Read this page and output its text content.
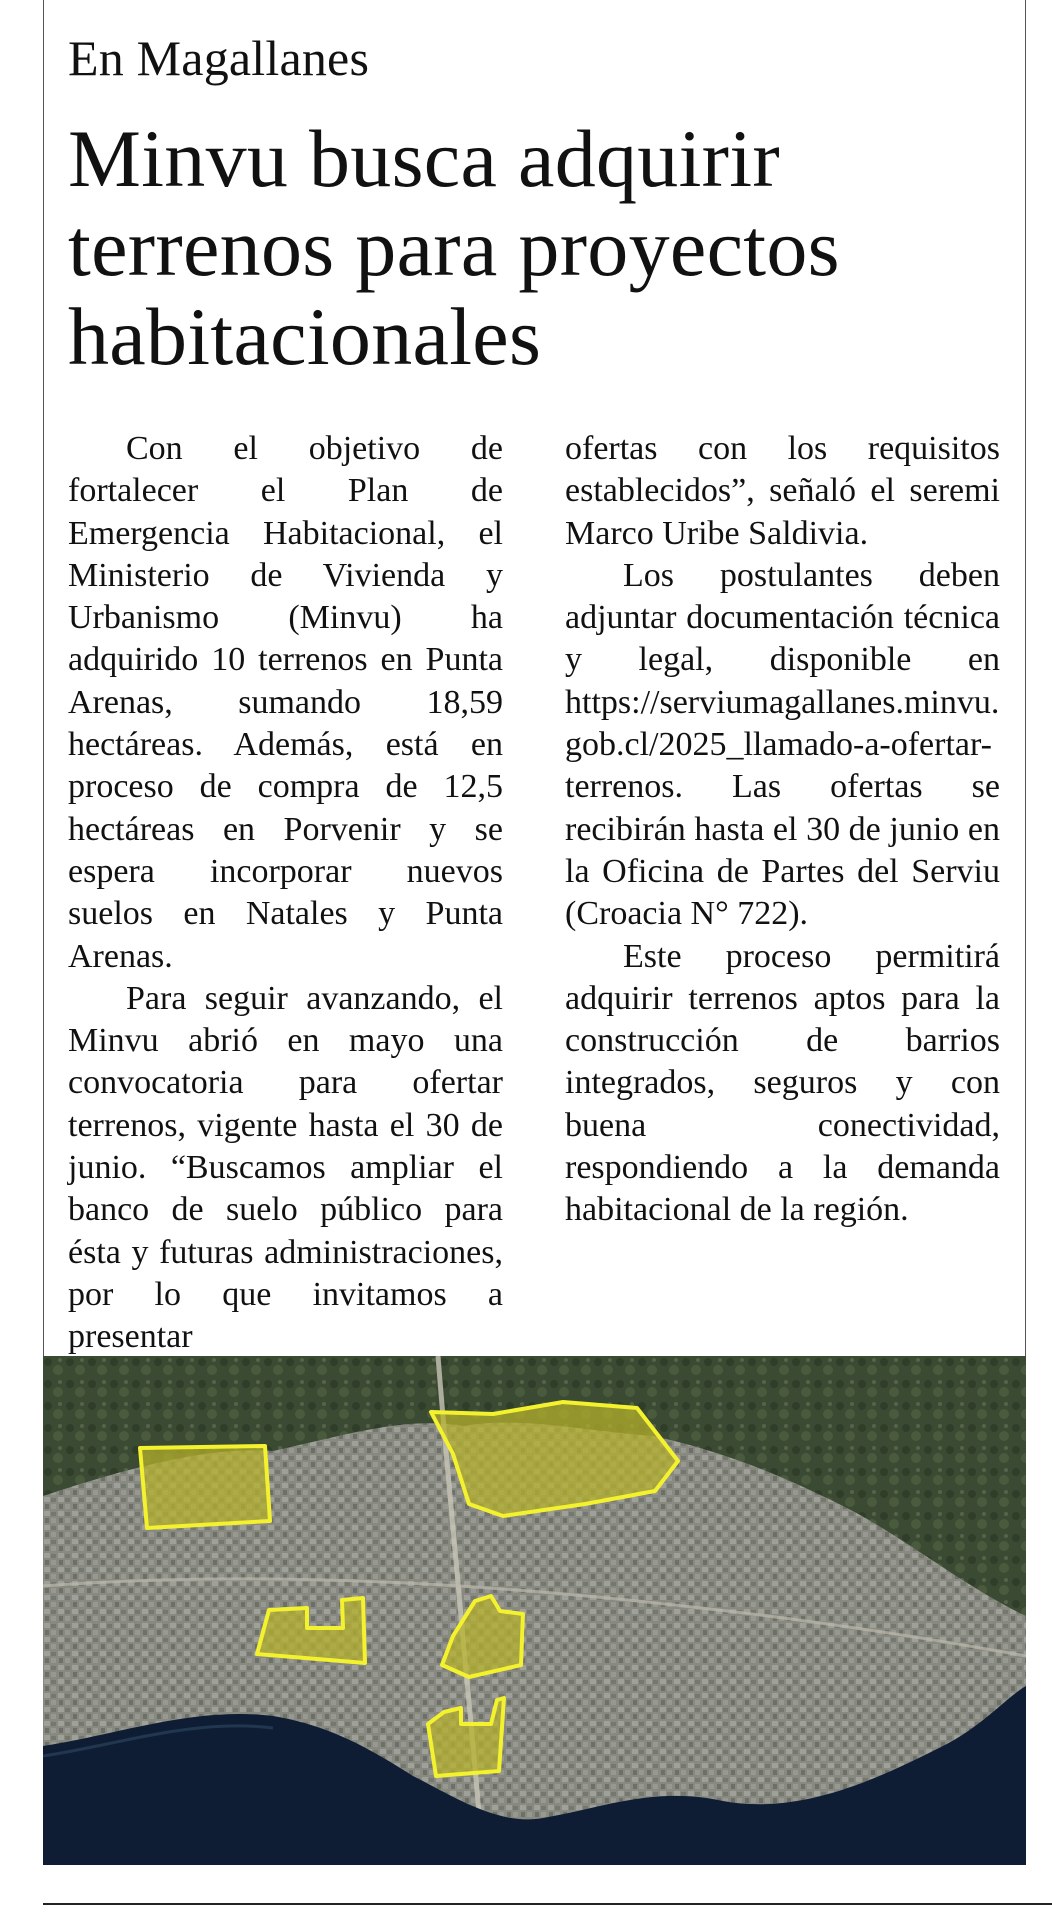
En Magallanes
Minvu busca adquirir
terrenos para proyectos
habitacionales

Con el objetivo de fortalecer el Plan de Emergencia Habitacional, el Ministerio de Vivienda y Urbanismo (Minvu) ha adquirido 10 terrenos en Punta Arenas, sumando 18,59 hectáreas. Además, está en proceso de compra de 12,5 hectáreas en Porvenir y se espera incorporar nuevos suelos en Natales y Punta Arenas.

Para seguir avanzando, el Minvu abrió en mayo una convocatoria para ofertar terrenos, vigente hasta el 30 de junio. “Buscamos ampliar el banco de suelo público para ésta y futuras administraciones, por lo que invitamos a presentar

ofertas con los requisitos establecidos”, señaló el seremi Marco Uribe Saldivia.

Los postulantes deben adjuntar documentación técnica y legal, disponible en https://serviumagallanes.minvu.gob.cl/2025_llamado-a-ofertar-terrenos. Las ofertas se recibirán hasta el 30 de junio en la Oficina de Partes del Serviu (Croacia N° 722).

Este proceso permitirá adquirir terrenos aptos para la construcción de barrios integrados, seguros y con buena conectividad, respondiendo a la demanda habitacional de la región.
